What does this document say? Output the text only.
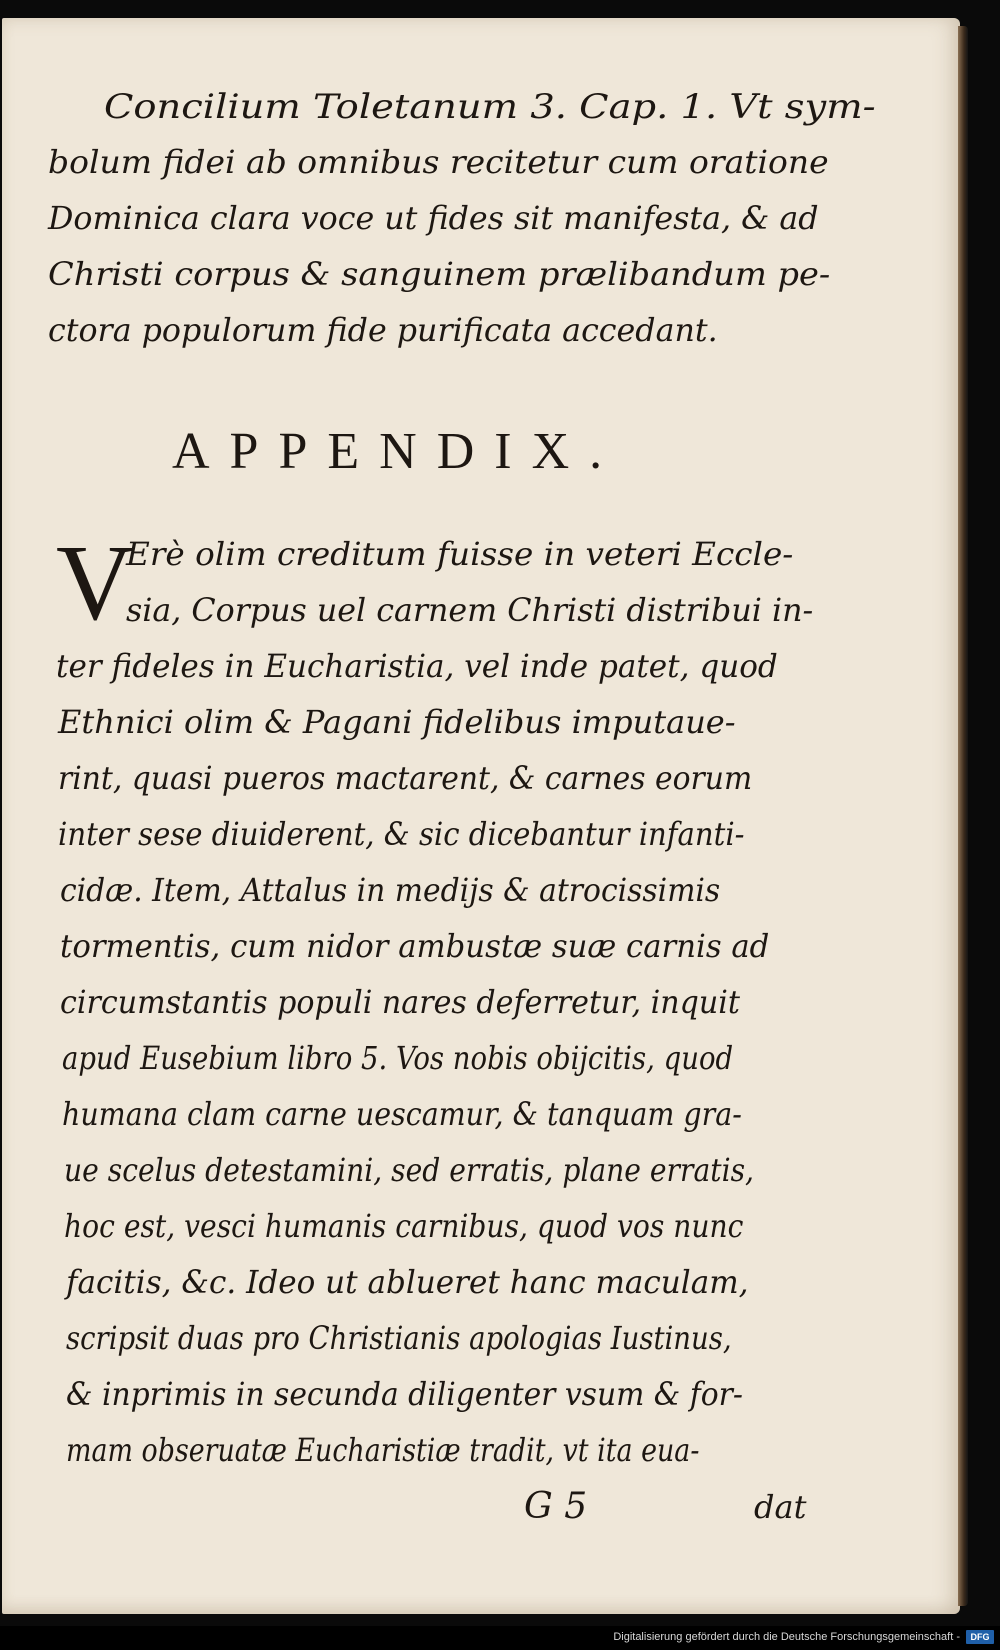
Concilium Toletanum 3. Cap. 1. Vt sym-
bolum fidei ab omnibus recitetur cum oratione
Dominica clara voce ut fides sit manifesta, & ad
Christi corpus & sanguinem prælibandum pe-
ctora populorum fide purificata accedant.
APPENDIX.
V
Erè olim creditum fuisse in veteri Eccle-
sia, Corpus uel carnem Christi distribui in-
ter fideles in Eucharistia, vel inde patet, quod
Ethnici olim & Pagani fidelibus imputaue-
rint, quasi pueros mactarent, & carnes eorum
inter sese diuiderent, & sic dicebantur infanti-
cidæ. Item, Attalus in medijs & atrocissimis
tormentis, cum nidor ambustæ suæ carnis ad
circumstantis populi nares deferretur, inquit
apud Eusebium libro 5. Vos nobis obijcitis, quod
humana clam carne uescamur, & tanquam gra-
ue scelus detestamini, sed erratis, plane erratis,
hoc est, vesci humanis carnibus, quod vos nunc
facitis, &c. Ideo ut ablueret hanc maculam,
scripsit duas pro Christianis apologias Iustinus,
& inprimis in secunda diligenter vsum & for-
mam obseruatæ Eucharistiæ tradit, vt ita eua-
G 5	dat
Digitalisierung gefördert durch die Deutsche Forschungsgemeinschaft -	DFG
